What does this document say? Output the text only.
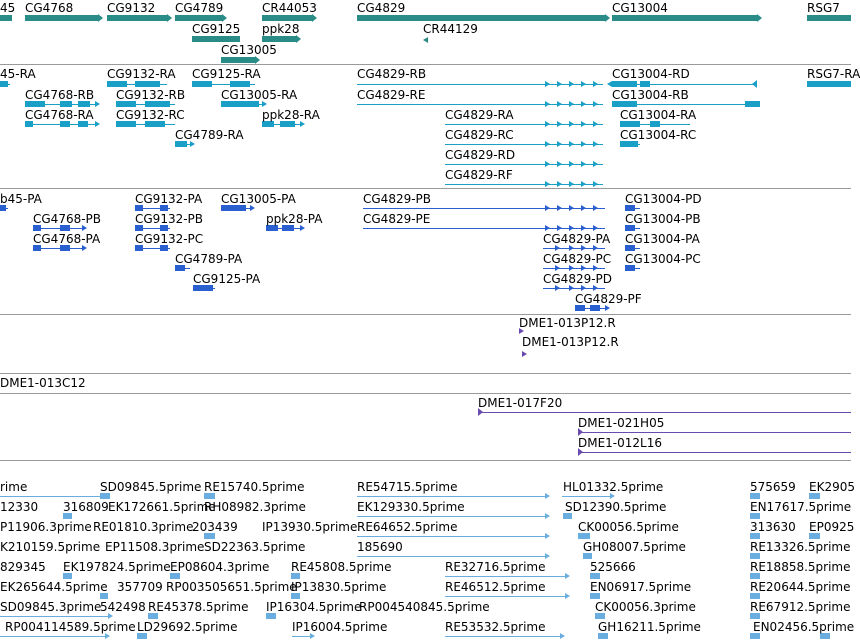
45 CG4768	CG9132 CG4789	CR44053	CG4829	CG13004	RSG7
CG9125 ppk28	CR44129
CG13005
45-RA
CG4768-RB
CG4768-RA
CG9132-RA
CG9132-RB
CG9132-RC
CG9125-RA
CG13005-RA
ppk28-RA
CG4789-RA
CG4829-RB
CG4829-RE
CG4829-RA
CG4829-RC
CG4829-RD
CG4829-RF
CG13004-RD
CG13004-RB
CG13004-RA
CG13004-RC
RSG7-RA
b45-PA
CG4768-PB
CG4768-PA
CG9132-PA
CG9132-PB
CG9132-PC
CG13005-PA
ppk28-PA
CG4789-PA
CG9125-PA
CG4829-PB
CG4829-PE
CG4829-PA
CG4829-PC
CG4829-PD
CG4829-PF
CG13004-PD
CG13004-PB
CG13004-PA
CG13004-PC
DME1-013P12.R
DME1-013P12.R
DME1-013C12
DME1-017F20
DME1-021H05
DME1-012L16
rime	SD09845.5prime RE15740.5prime	RE54715.5prime	HL01332.5prime	575659 EK2905
12330 316809 EK172661.5prime
RH08982.3prime	EK129330.5prime	SD12390.5prime	EN17617.5prime
P11906.3prime RE01810.3prime
203439 IP13930.5prime RE64652.5prime	CK00056.5prime	313630 EP0925
K210159.5prime EP11508.3prime SD22363.5prime	185690	GH08007.5prime	RE13326.5prime
829345 EK197824.5prime EP08604.3prime RE45808.5prime	RE32716.5prime	525666	RE18858.5prime
EK265644.5prime 357709 RP003505651.5prime
IP13830.5prime	RE46512.5prime	EN06917.5prime	RE20644.5prime
SD09845.3prime
542498 RE45378.5prime IP16304.5prime
RP004540845.5prime	CK00056.3prime	RE67912.5prime
RP004114589.5prime LD29692.5prime	IP16004.5prime	RE53532.5prime	GH16211.5prime	EN02456.5prime
